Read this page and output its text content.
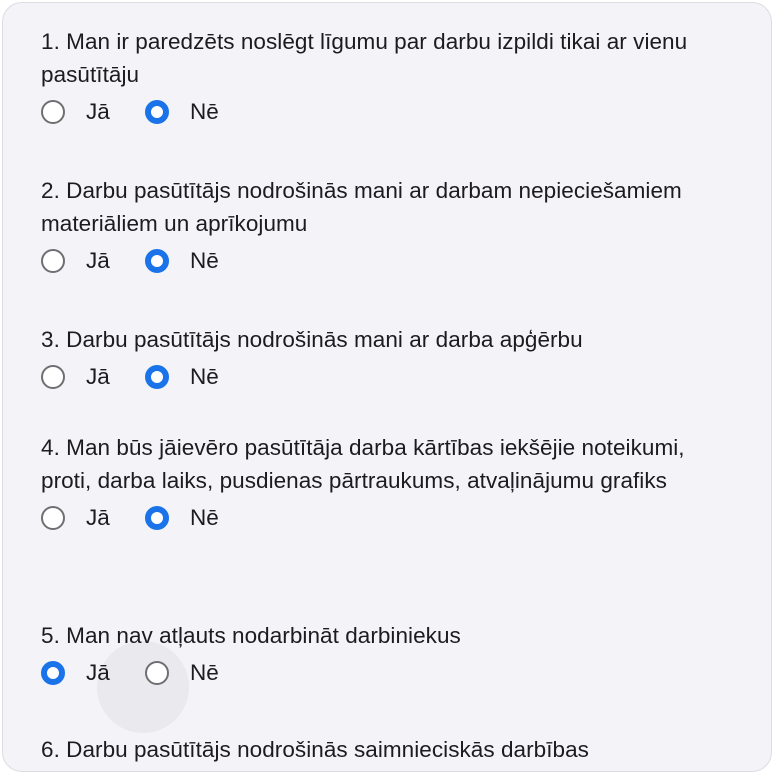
1. Man ir paredzēts noslēgt līgumu par darbu izpildi tikai ar vienu pasūtītāju

Jā	Nē

2. Darbu pasūtītājs nodrošinās mani ar darbam nepieciešamiem materiāliem un aprīkojumu

Jā	Nē

3. Darbu pasūtītājs nodrošinās mani ar darba apģērbu

Jā	Nē

4. Man būs jāievēro pasūtītāja darba kārtības iekšējie noteikumi, proti, darba laiks, pusdienas pārtraukums, atvaļinājumu grafiks

Jā	Nē

5. Man nav atļauts nodarbināt darbiniekus

Jā	Nē

6. Darbu pasūtītājs nodrošinās saimnieciskās darbības
